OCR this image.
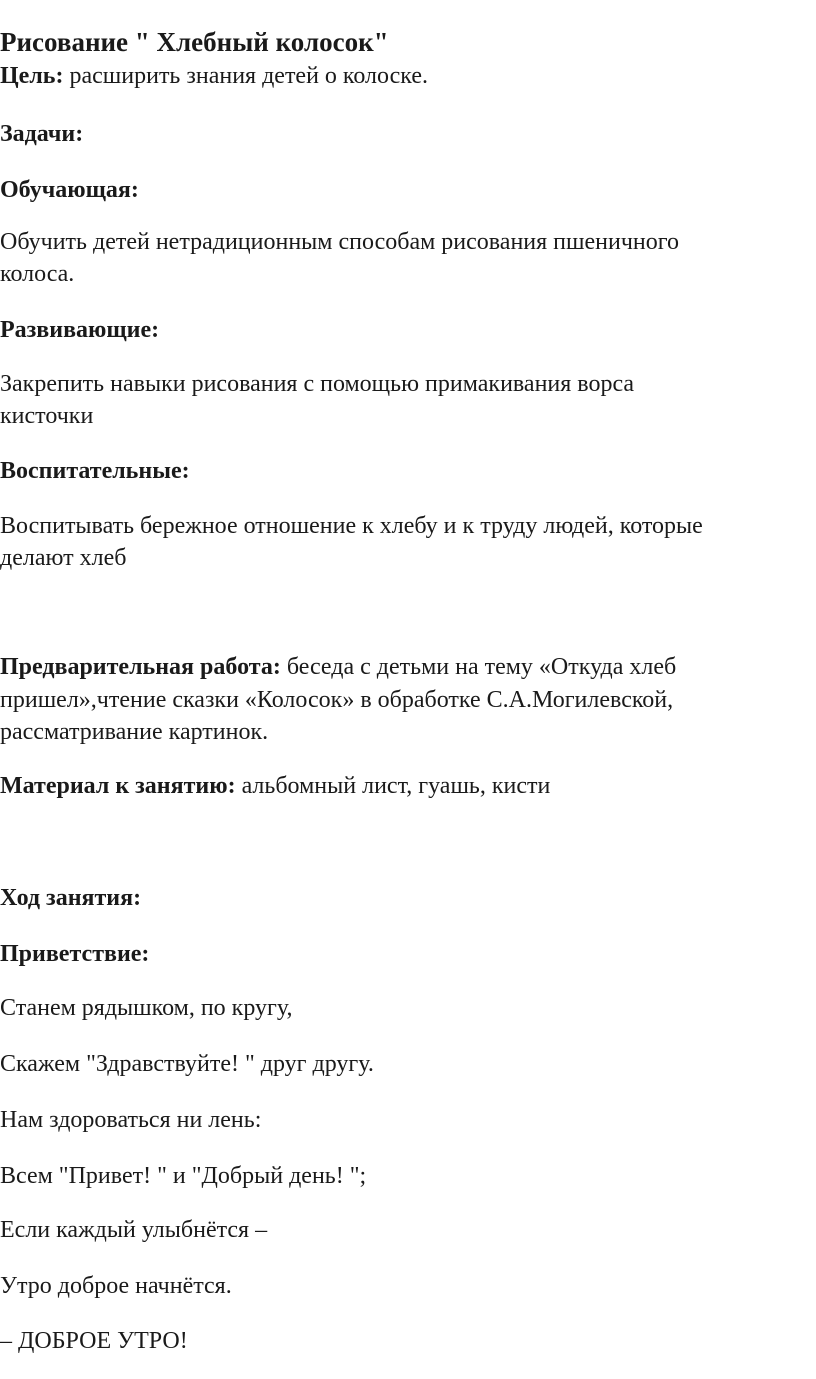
Рисование " Хлебный колосок"

Цель: расширить знания детей о колоске.

Задачи:

Обучающая:

Обучить детей нетрадиционным способам рисования пшеничного

колоса.

Развивающие:

Закрепить навыки рисования с помощью примакивания ворса

кисточки

Воспитательные:

Воспитывать бережное отношение к хлебу и к труду людей, которые

делают хлеб

Предварительная работа: беседа с детьми на тему «Откуда хлеб

пришел»,чтение сказки «Колосок» в обработке С.А.Могилевской,

рассматривание картинок.

Материал к занятию: альбомный лист, гуашь, кисти

Ход занятия:

Приветствие:

Станем рядышком, по кругу,

Скажем "Здравствуйте! " друг другу.

Нам здороваться ни лень:

Всем "Привет! " и "Добрый день! ";

Если каждый улыбнётся –

Утро доброе начнётся.

– ДОБРОЕ УТРО!
